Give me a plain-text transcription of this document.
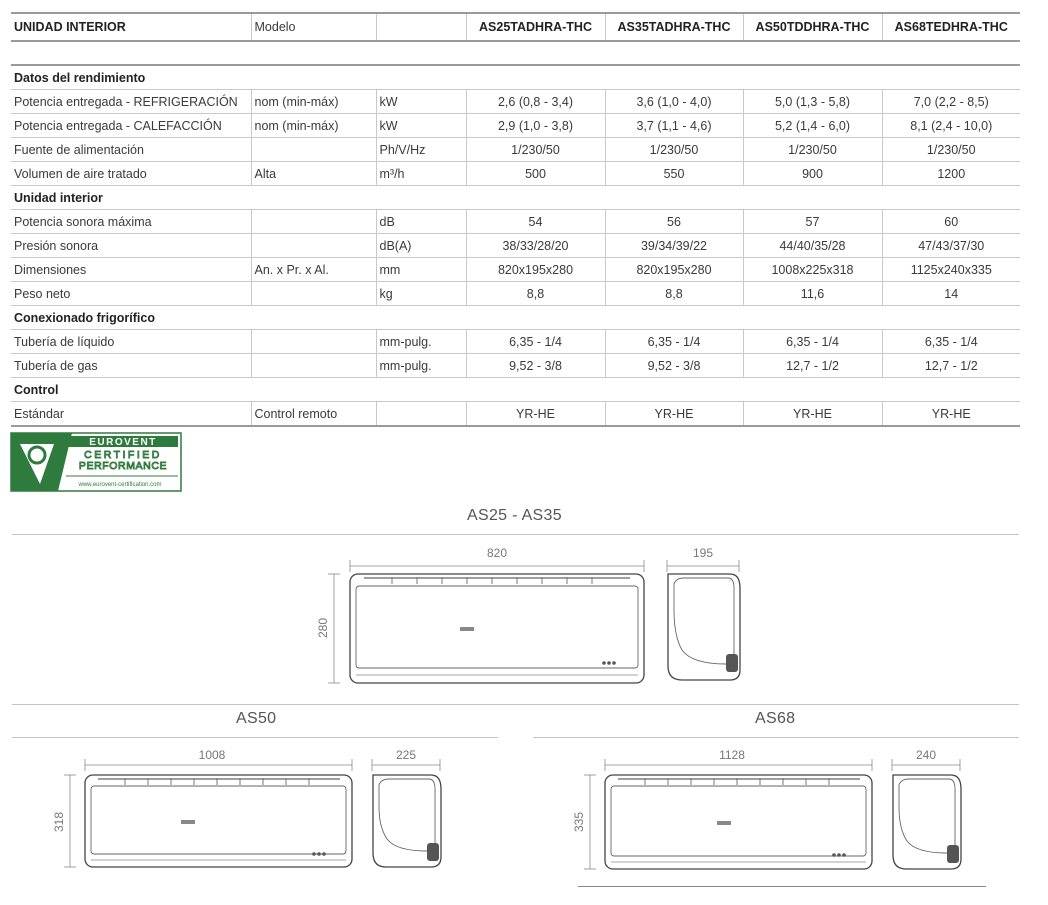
UNIDAD INTERIOR	Modelo		AS25TADHRA-THC	AS35TADHRA-THC	AS50TDDHRA-THC	AS68TEDHRA-THC

Datos del rendimiento						
Potencia entregada - REFRIGERACIÓN	nom (min-máx)	kW	2,6 (0,8 - 3,4)	3,6 (1,0 - 4,0)	5,0 (1,3 - 5,8)	7,0 (2,2 - 8,5)
Potencia entregada - CALEFACCIÓN	nom (min-máx)	kW	2,9 (1,0 - 3,8)	3,7 (1,1 - 4,6)	5,2 (1,4 - 6,0)	8,1 (2,4 - 10,0)
Fuente de alimentación		Ph/V/Hz	1/230/50	1/230/50	1/230/50	1/230/50
Volumen de aire tratado	Alta	m³/h	500	550	900	1200
Unidad interior						
Potencia sonora máxima		dB	54	56	57	60
Presión sonora		dB(A)	38/33/28/20	39/34/39/22	44/40/35/28	47/43/37/30
Dimensiones	An. x Pr. x Al.	mm	820x195x280	820x195x280	1008x225x318	1125x240x335
Peso neto		kg	8,8	8,8	11,6	14
Conexionado frigorífico						
Tubería de líquido		mm-pulg.	6,35 - 1/4	6,35 - 1/4	6,35 - 1/4	6,35 - 1/4
Tubería de gas		mm-pulg.	9,52 - 3/8	9,52 - 3/8	12,7 - 1/2	12,7 - 1/2
Control						
Estándar	Control remoto		YR-HE	YR-HE	YR-HE	YR-HE
EUROVENT
CERTIFIED
PERFORMANCE
www.eurovent-certification.com
AS25 - AS35
820
280
195
AS50
1008
318
225
AS68
1128
335
240
